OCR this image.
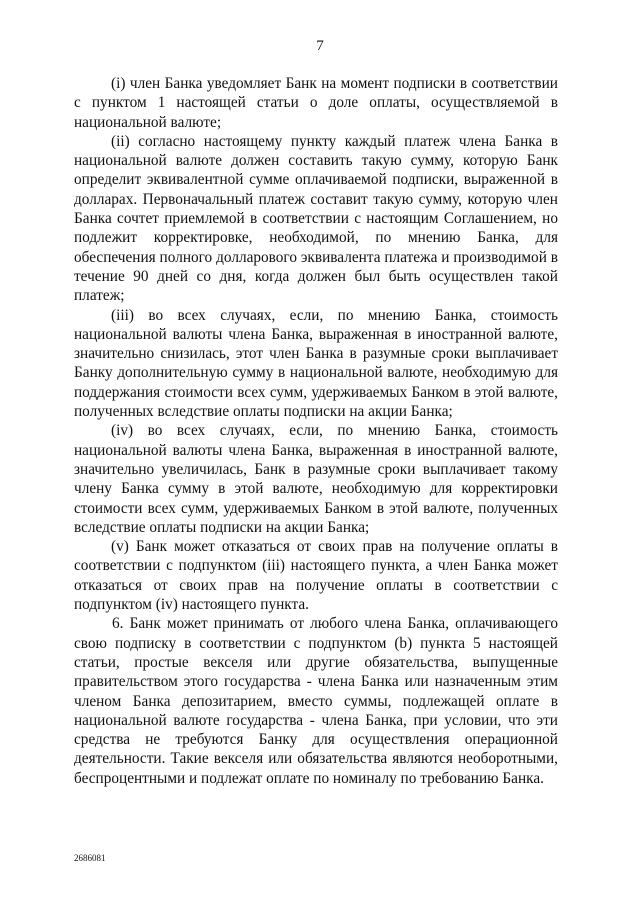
7

(i) член Банка уведомляет Банк на момент подписки в соответствии с пунктом 1 настоящей статьи о доле оплаты, осуществляемой в национальной валюте;

(ii) согласно настоящему пункту каждый платеж члена Банка в национальной валюте должен составить такую сумму, которую Банк определит эквивалентной сумме оплачиваемой подписки, выраженной в долларах. Первоначальный платеж составит такую сумму, которую член Банка сочтет приемлемой в соответствии с настоящим Соглашением, но подлежит корректировке, необходимой, по мнению Банка, для обеспечения полного долларового эквивалента платежа и производимой в течение 90 дней со дня, когда должен был быть осуществлен такой платеж;

(iii) во всех случаях, если, по мнению Банка, стоимость национальной валюты члена Банка, выраженная в иностранной валюте, значительно снизилась, этот член Банка в разумные сроки выплачивает Банку дополнительную сумму в национальной валюте, необходимую для поддержания стоимости всех сумм, удерживаемых Банком в этой валюте, полученных вследствие оплаты подписки на акции Банка;

(iv) во всех случаях, если, по мнению Банка, стоимость национальной валюты члена Банка, выраженная в иностранной валюте, значительно увеличилась, Банк в разумные сроки выплачивает такому члену Банка сумму в этой валюте, необходимую для корректировки стоимости всех сумм, удерживаемых Банком в этой валюте, полученных вследствие оплаты подписки на акции Банка;

(v) Банк может отказаться от своих прав на получение оплаты в соответствии с подпунктом (iii) настоящего пункта, а член Банка может отказаться от своих прав на получение оплаты в соответствии с подпунктом (iv) настоящего пункта.

6. Банк может принимать от любого члена Банка, оплачивающего свою подписку в соответствии с подпунктом (b) пункта 5 настоящей статьи, простые векселя или другие обязательства, выпущенные правительством этого государства - члена Банка или назначенным этим членом Банка депозитарием, вместо суммы, подлежащей оплате в национальной валюте государства - члена Банка, при условии, что эти средства не требуются Банку для осуществления операционной деятельности. Такие векселя или обязательства являются необоротными, беспроцентными и подлежат оплате по номиналу по требованию Банка.

2686081
